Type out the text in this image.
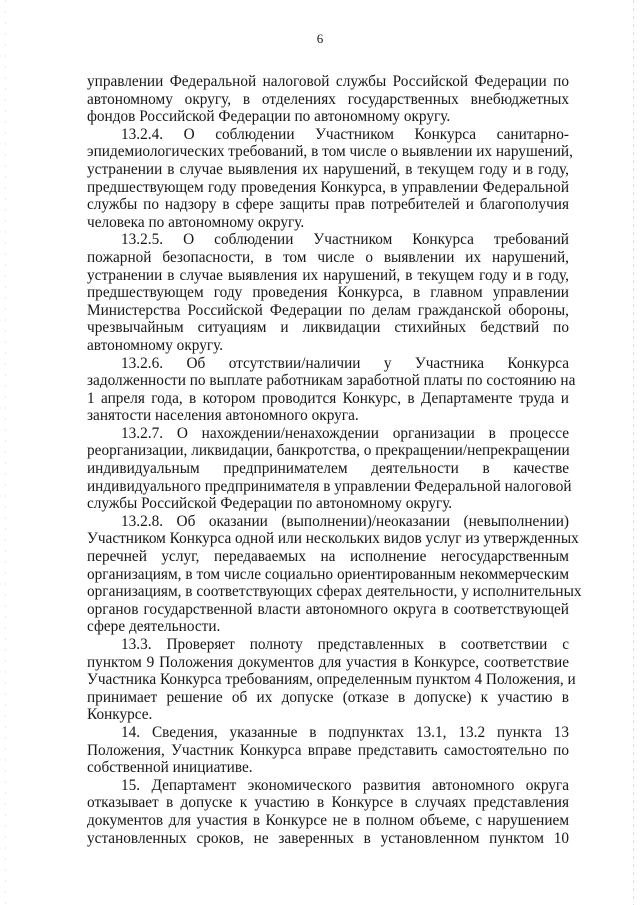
6
управлении Федеральной налоговой службы Российской Федерации по
автономному округу, в отделениях государственных внебюджетных
фондов Российской Федерации по автономному округу.
13.2.4. О соблюдении Участником Конкурса санитарно-
эпидемиологических требований, в том числе о выявлении их нарушений,
устранении в случае выявления их нарушений, в текущем году и в году,
предшествующем году проведения Конкурса, в управлении Федеральной
службы по надзору в сфере защиты прав потребителей и благополучия
человека по автономному округу.
13.2.5. О соблюдении Участником Конкурса требований
пожарной безопасности, в том числе о выявлении их нарушений,
устранении в случае выявления их нарушений, в текущем году и в году,
предшествующем году проведения Конкурса, в главном управлении
Министерства Российской Федерации по делам гражданской обороны,
чрезвычайным ситуациям и ликвидации стихийных бедствий по
автономному округу.
13.2.6. Об отсутствии/наличии у Участника Конкурса
задолженности по выплате работникам заработной платы по состоянию на
1 апреля года, в котором проводится Конкурс, в Департаменте труда и
занятости населения автономного округа.
13.2.7. О нахождении/ненахождении организации в процессе
реорганизации, ликвидации, банкротства, о прекращении/непрекращении
индивидуальным предпринимателем деятельности в качестве
индивидуального предпринимателя в управлении Федеральной налоговой
службы Российской Федерации по автономному округу.
13.2.8. Об оказании (выполнении)/неоказании (невыполнении)
Участником Конкурса одной или нескольких видов услуг из утвержденных
перечней услуг, передаваемых на исполнение негосударственным
организациям, в том числе социально ориентированным некоммерческим
организациям, в соответствующих сферах деятельности, у исполнительных
органов государственной власти автономного округа в соответствующей
сфере деятельности.
13.3. Проверяет полноту представленных в соответствии с
пунктом 9 Положения документов для участия в Конкурсе, соответствие
Участника Конкурса требованиям, определенным пунктом 4 Положения, и
принимает решение об их допуске (отказе в допуске) к участию в
Конкурсе.
14. Сведения, указанные в подпунктах 13.1, 13.2 пункта 13
Положения, Участник Конкурса вправе представить самостоятельно по
собственной инициативе.
15. Департамент экономического развития автономного округа
отказывает в допуске к участию в Конкурсе в случаях представления
документов для участия в Конкурсе не в полном объеме, с нарушением
установленных сроков, не заверенных в установленном пунктом 10
